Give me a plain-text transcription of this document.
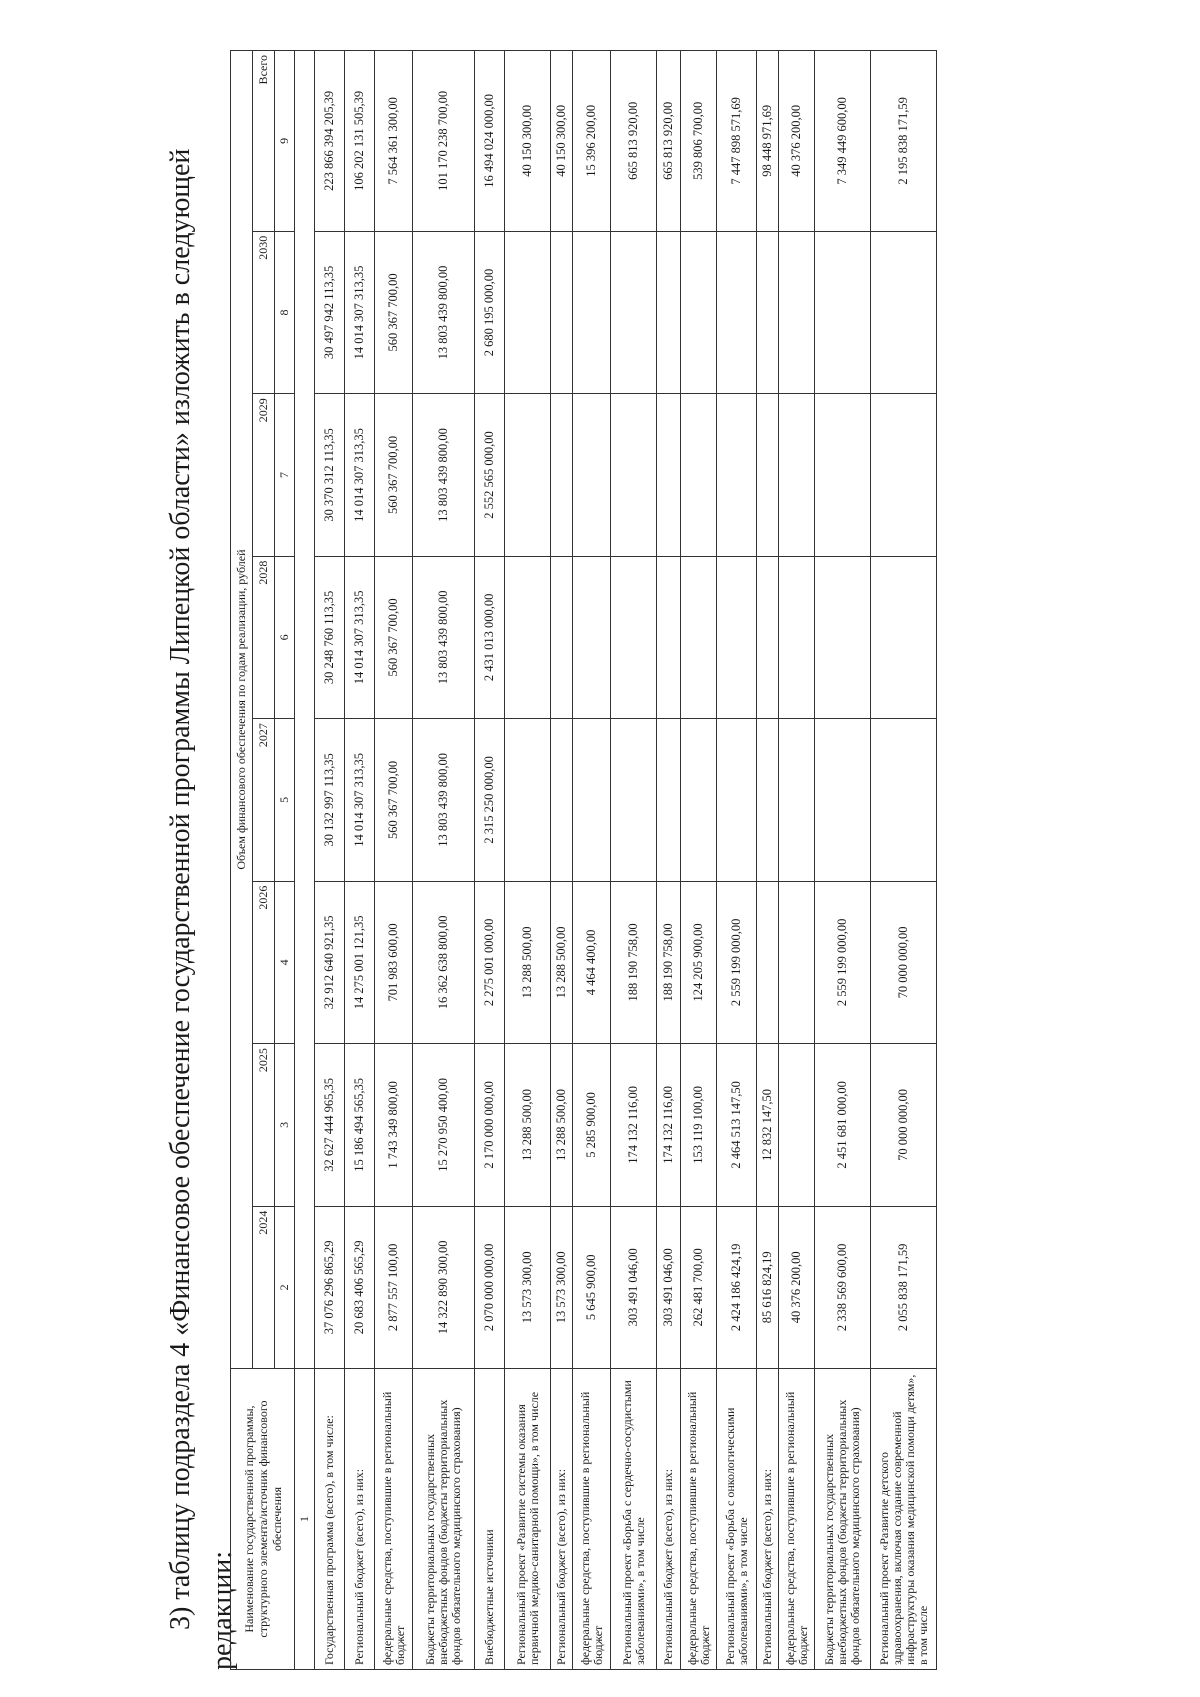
3) таблицу подраздела 4 «Финансовое обеспечение государственной программы Липецкой области» изложить в следующей редакции: Наименование государственной программы, структурного элемента/источник финансового обеспечения	Объем финансового обеспечения по годам реализации, рублей							
	2024	2025	2026	2027	2028	2029	2030	Всего
	2	3	4	5	6	7	8	9
1								
Государственная программа (всего), в том числе:	37 076 296 865,29	32 627 444 965,35	32 912 640 921,35	30 132 997 113,35	30 248 760 113,35	30 370 312 113,35	30 497 942 113,35	223 866 394 205,39
Региональный бюджет (всего), из них:	20 683 406 565,29	15 186 494 565,35	14 275 001 121,35	14 014 307 313,35	14 014 307 313,35	14 014 307 313,35	14 014 307 313,35	106 202 131 505,39
федеральные средства, поступившие в региональный бюджет	2 877 557 100,00	1 743 349 800,00	701 983 600,00	560 367 700,00	560 367 700,00	560 367 700,00	560 367 700,00	7 564 361 300,00
Бюджеты территориальных государственных внебюджетных фондов (бюджеты территориальных фондов обязательного медицинского страхования)	14 322 890 300,00	15 270 950 400,00	16 362 638 800,00	13 803 439 800,00	13 803 439 800,00	13 803 439 800,00	13 803 439 800,00	101 170 238 700,00
Внебюджетные источники	2 070 000 000,00	2 170 000 000,00	2 275 001 000,00	2 315 250 000,00	2 431 013 000,00	2 552 565 000,00	2 680 195 000,00	16 494 024 000,00
Региональный проект «Развитие системы оказания первичной медико-санитарной помощи», в том числе	13 573 300,00	13 288 500,00	13 288 500,00					40 150 300,00
Региональный бюджет (всего), из них:	13 573 300,00	13 288 500,00	13 288 500,00					40 150 300,00
федеральные средства, поступившие в региональный бюджет	5 645 900,00	5 285 900,00	4 464 400,00					15 396 200,00
Региональный проект «Борьба с сердечно-сосудистыми заболеваниями», в том числе	303 491 046,00	174 132 116,00	188 190 758,00					665 813 920,00
Региональный бюджет (всего), из них:	303 491 046,00	174 132 116,00	188 190 758,00					665 813 920,00
федеральные средства, поступившие в региональный бюджет	262 481 700,00	153 119 100,00	124 205 900,00					539 806 700,00
Региональный проект «Борьба с онкологическими заболеваниями», в том числе	2 424 186 424,19	2 464 513 147,50	2 559 199 000,00					7 447 898 571,69
Региональный бюджет (всего), из них:	85 616 824,19	12 832 147,50						98 448 971,69
федеральные средства, поступившие в региональный бюджет	40 376 200,00							40 376 200,00
Бюджеты территориальных государственных внебюджетных фондов (бюджеты территориальных фондов обязательного медицинского страхования)	2 338 569 600,00	2 451 681 000,00	2 559 199 000,00					7 349 449 600,00
Региональный проект «Развитие детского здравоохранения, включая создание современной инфраструктуры оказания медицинской помощи детям», в том числе	2 055 838 171,59	70 000 000,00	70 000 000,00					2 195 838 171,59
